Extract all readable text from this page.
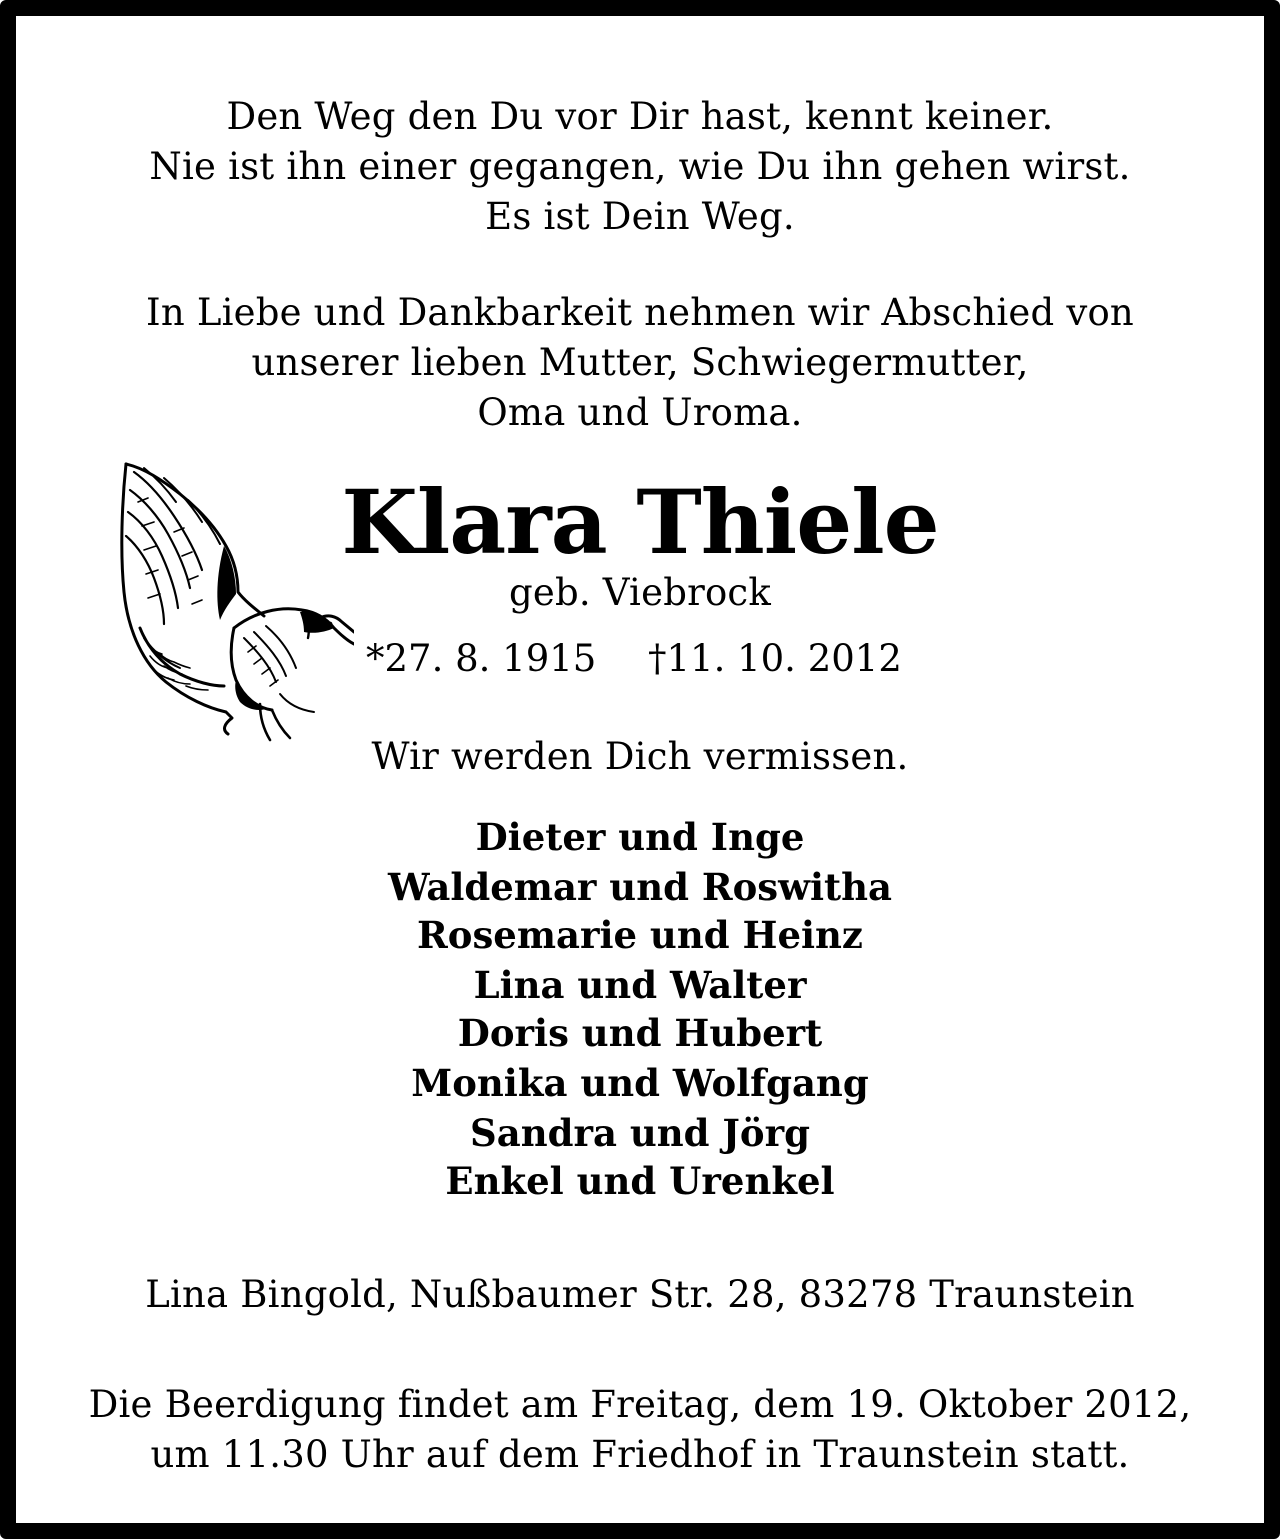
Den Weg den Du vor Dir hast, kennt keiner.
Nie ist ihn einer gegangen, wie Du ihn gehen wirst.
Es ist Dein Weg.
In Liebe und Dankbarkeit nehmen wir Abschied von
unserer lieben Mutter, Schwiegermutter,
Oma und Uroma.
Klara Thiele
geb. Viebrock
*27. 8. 1915 †11. 10. 2012
Wir werden Dich vermissen.
Dieter und Inge
Waldemar und Roswitha
Rosemarie und Heinz
Lina und Walter
Doris und Hubert
Monika und Wolfgang
Sandra und Jörg
Enkel und Urenkel
Lina Bingold, Nußbaumer Str. 28, 83278 Traunstein
Die Beerdigung findet am Freitag, dem 19. Oktober 2012,
um 11.30 Uhr auf dem Friedhof in Traunstein statt.
